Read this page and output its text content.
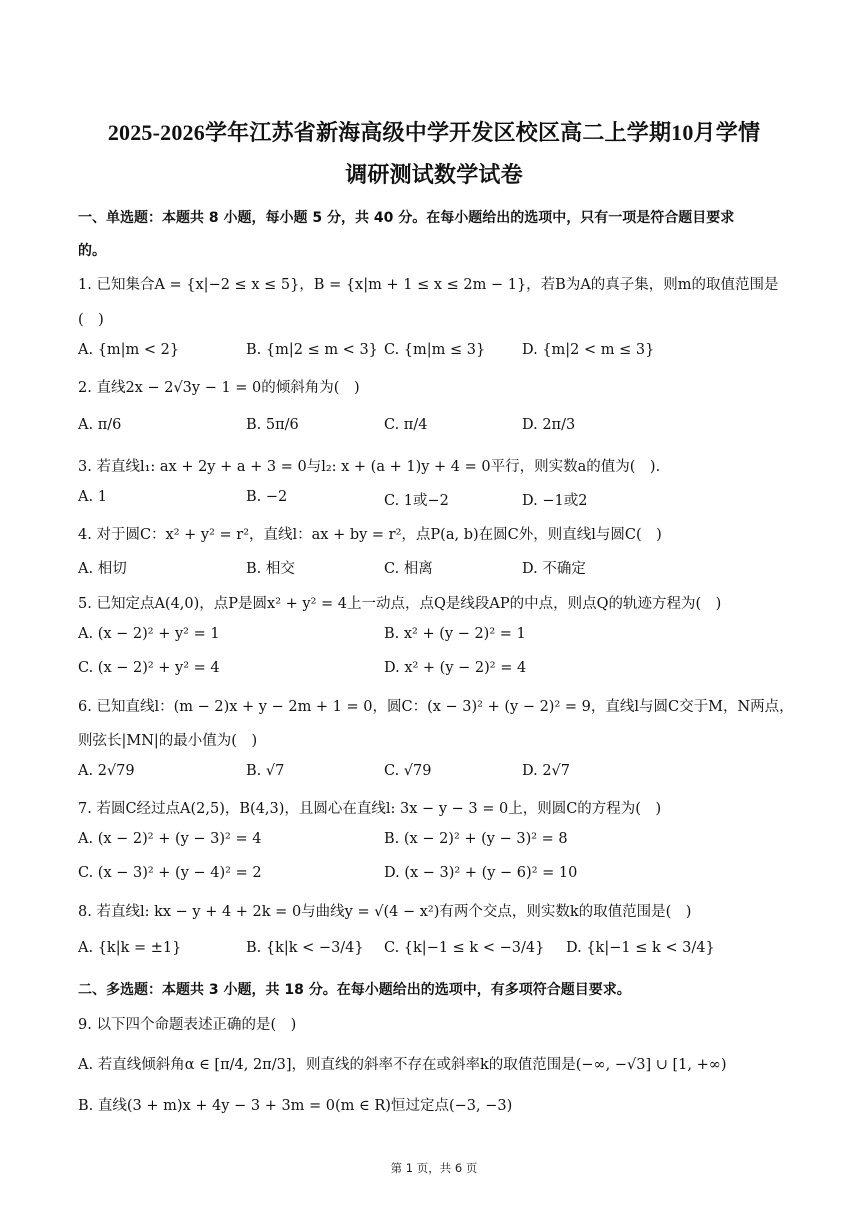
2025-2026学年江苏省新海高级中学开发区校区高二上学期10月学情
调研测试数学试卷
一、单选题：本题共 8 小题，每小题 5 分，共 40 分。在每小题给出的选项中，只有一项是符合题目要求
的。
1. 已知集合A = {x|−2 ≤ x ≤ 5}，B = {x|m + 1 ≤ x ≤ 2m − 1}，若B为A的真子集，则m的取值范围是
(　)
A. {m|m < 2}	B. {m|2 ≤ m < 3} C. {m|m ≤ 3}	D. {m|2 < m ≤ 3}
2. 直线2x − 2√3y − 1 = 0的倾斜角为(　)
A. π/6	B. 5π/6	C. π/4	D. 2π/3
3. 若直线l₁: ax + 2y + a + 3 = 0与l₂: x + (a + 1)y + 4 = 0平行，则实数a的值为(　).
A. 1	B. −2	C. 1或−2	D. −1或2
4. 对于圆C：x² + y² = r²，直线l：ax + by = r²，点P(a, b)在圆C外，则直线l与圆C(　)
A. 相切	B. 相交	C. 相离	D. 不确定
5. 已知定点A(4,0)，点P是圆x² + y² = 4上一动点，点Q是线段AP的中点，则点Q的轨迹方程为(　)
A. (x − 2)² + y² = 1	B. x² + (y − 2)² = 1
C. (x − 2)² + y² = 4	D. x² + (y − 2)² = 4
6. 已知直线l：(m − 2)x + y − 2m + 1 = 0，圆C：(x − 3)² + (y − 2)² = 9，直线l与圆C交于M，N两点，
则弦长|MN|的最小值为(　)
A. 2√79	B. √7	C. √79	D. 2√7
7. 若圆C经过点A(2,5)，B(4,3)，且圆心在直线l: 3x − y − 3 = 0上，则圆C的方程为(　)
A. (x − 2)² + (y − 3)² = 4	B. (x − 2)² + (y − 3)² = 8
C. (x − 3)² + (y − 4)² = 2	D. (x − 3)² + (y − 6)² = 10
8. 若直线l: kx − y + 4 + 2k = 0与曲线y = √(4 − x²)有两个交点，则实数k的取值范围是(　)
A. {k|k = ±1}	B. {k|k < −3/4} C. {k|−1 ≤ k < −3/4} D. {k|−1 ≤ k < 3/4}
二、多选题：本题共 3 小题，共 18 分。在每小题给出的选项中，有多项符合题目要求。
9. 以下四个命题表述正确的是(　)
A. 若直线倾斜角α ∈ [π/4, 2π/3]，则直线的斜率不存在或斜率k的取值范围是(−∞, −√3] ∪ [1, +∞)
B. 直线(3 + m)x + 4y − 3 + 3m = 0(m ∈ R)恒过定点(−3, −3)
第 1 页，共 6 页
